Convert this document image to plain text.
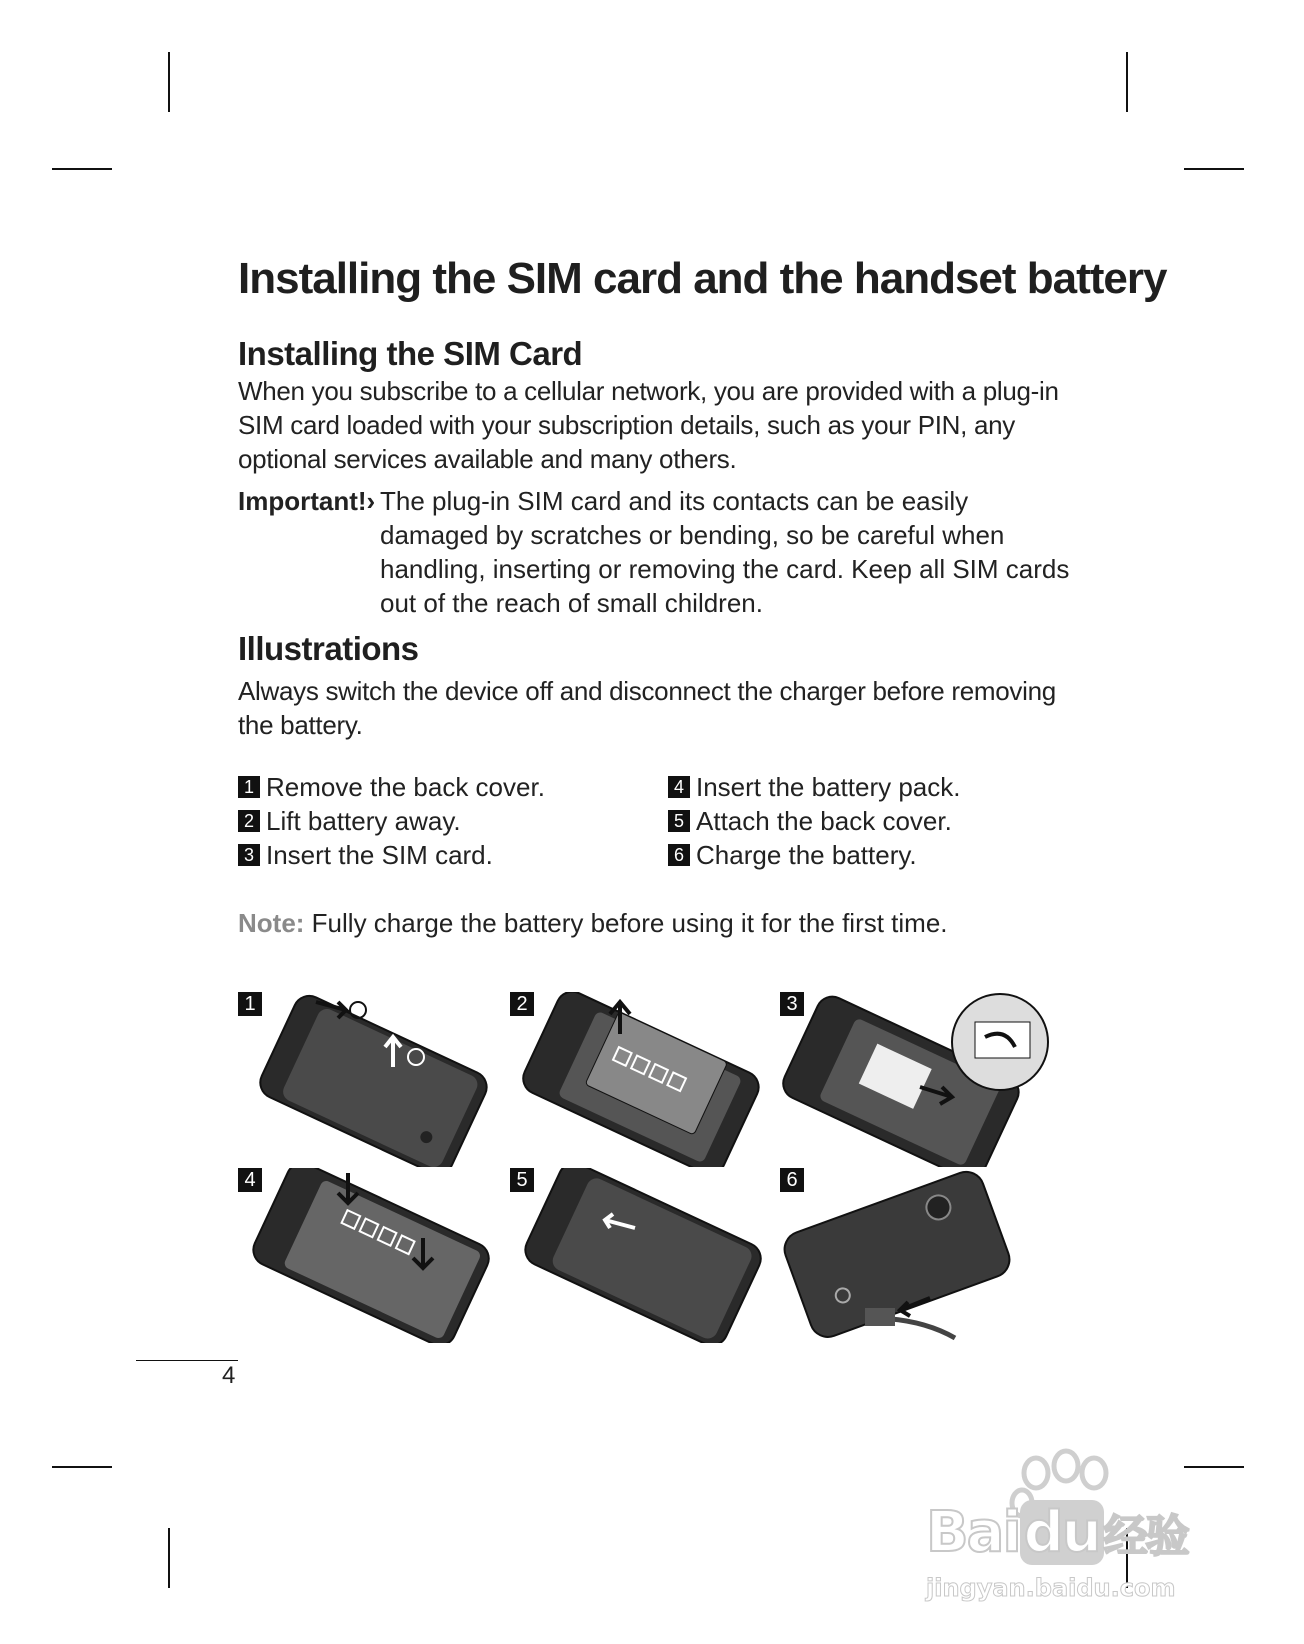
Installing the SIM card and the handset battery
Installing the SIM Card

When you subscribe to a cellular network, you are provided with a plug-in SIM card loaded with your subscription details, such as your PIN, any optional services available and many others.

Important!› The plug-in SIM card and its contacts can be easily damaged by scratches or bending, so be careful when handling, inserting or removing the card. Keep all SIM cards out of the reach of small children.
Illustrations

Always switch the device off and disconnect the charger before removing the battery.

1 Remove the back cover.
2 Lift battery away.
3 Insert the SIM card.
4 Insert the battery pack.
5 Attach the back cover.
6 Charge the battery.
Note: Fully charge the battery before using it for the first time.
1	2	3
4	5	6
4
Baidu经验
jingyan.baidu.com
